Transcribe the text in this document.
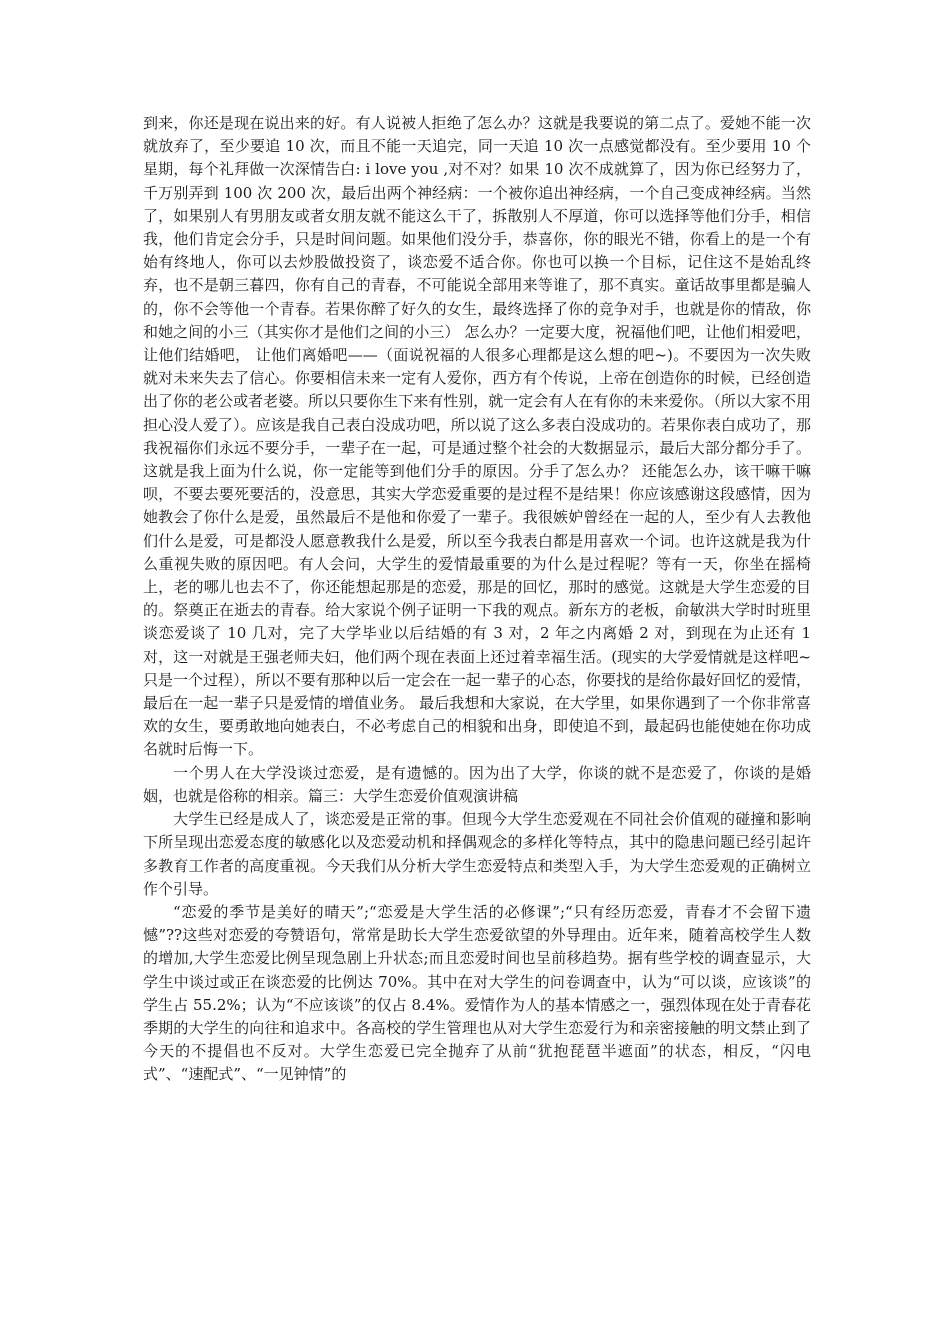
到来，你还是现在说出来的好。有人说被人拒绝了怎么办？这就是我要说的第二点了。爱她不能一次就放弃了，至少要追 10 次，而且不能一天追完，同一天追 10 次一点感觉都没有。至少要用 10 个星期，每个礼拜做一次深情告白: i love you ,对不对？如果 10 次不成就算了，因为你已经努力了，千万别弄到 100 次 200 次，最后出两个神经病：一个被你追出神经病，一个自己变成神经病。当然了，如果别人有男朋友或者女朋友就不能这么干了，拆散别人不厚道，你可以选择等他们分手，相信我，他们肯定会分手，只是时间问题。如果他们没分手，恭喜你，你的眼光不错，你看上的是一个有始有终地人，你可以去炒股做投资了，谈恋爱不适合你。你也可以换一个目标，记住这不是始乱终弃，也不是朝三暮四，你有自己的青春，不可能说全部用来等谁了，那不真实。童话故事里都是骗人的，你不会等他一个青春。若果你醉了好久的女生，最终选择了你的竞争对手，也就是你的情敌，你和她之间的小三（其实你才是他们之间的小三） 怎么办？一定要大度，祝福他们吧，让他们相爱吧，让他们结婚吧， 让他们离婚吧——（面说祝福的人很多心理都是这么想的吧~)。不要因为一次失败就对未来失去了信心。你要相信未来一定有人爱你，西方有个传说，上帝在创造你的时候，已经创造出了你的老公或者老婆。所以只要你生下来有性别，就一定会有人在有你的未来爱你。（所以大家不用担心没人爱了）。应该是我自己表白没成功吧，所以说了这么多表白没成功的。若果你表白成功了，那我祝福你们永远不要分手，一辈子在一起，可是通过整个社会的大数据显示，最后大部分都分手了。这就是我上面为什么说，你一定能等到他们分手的原因。分手了怎么办？ 还能怎么办，该干嘛干嘛呗，不要去要死要活的，没意思，其实大学恋爱重要的是过程不是结果！你应该感谢这段感情，因为她教会了你什么是爱，虽然最后不是他和你爱了一辈子。我很嫉妒曾经在一起的人，至少有人去教他们什么是爱，可是都没人愿意教我什么是爱，所以至今我表白都是用喜欢一个词。也许这就是我为什么重视失败的原因吧。有人会问，大学生的爱情最重要的为什么是过程呢？等有一天，你坐在摇椅上，老的哪儿也去不了，你还能想起那是的恋爱，那是的回忆，那时的感觉。这就是大学生恋爱的目的。祭奠正在逝去的青春。给大家说个例子证明一下我的观点。新东方的老板，俞敏洪大学时时班里谈恋爱谈了 10 几对，完了大学毕业以后结婚的有 3 对，2 年之内离婚 2 对，到现在为止还有 1 对，这一对就是王强老师夫妇，他们两个现在表面上还过着幸福生活。(现实的大学爱情就是这样吧~只是一个过程），所以不要有那种以后一定会在一起一辈子的心态，你要找的是给你最好回忆的爱情，最后在一起一辈子只是爱情的增值业务。 最后我想和大家说，在大学里，如果你遇到了一个你非常喜欢的女生，要勇敢地向她表白，不必考虑自己的相貌和出身，即使追不到，最起码也能使她在你功成名就时后悔一下。

一个男人在大学没谈过恋爱，是有遗憾的。因为出了大学，你谈的就不是恋爱了，你谈的是婚姻，也就是俗称的相亲。篇三：大学生恋爱价值观演讲稿

大学生已经是成人了，谈恋爱是正常的事。但现今大学生恋爱观在不同社会价值观的碰撞和影响下所呈现出恋爱态度的敏感化以及恋爱动机和择偶观念的多样化等特点，其中的隐患问题已经引起许多教育工作者的高度重视。今天我们从分析大学生恋爱特点和类型入手，为大学生恋爱观的正确树立作个引导。

“恋爱的季节是美好的晴天”;“恋爱是大学生活的必修课”;“只有经历恋爱，青春才不会留下遗憾”??这些对恋爱的夸赞语句，常常是助长大学生恋爱欲望的外导理由。近年来，随着高校学生人数的增加,大学生恋爱比例呈现急剧上升状态;而且恋爱时间也呈前移趋势。据有些学校的调查显示，大学生中谈过或正在谈恋爱的比例达 70%。其中在对大学生的问卷调查中，认为“可以谈，应该谈”的学生占 55.2%；认为“不应该谈”的仅占 8.4%。爱情作为人的基本情感之一，强烈体现在处于青春花季期的大学生的向往和追求中。各高校的学生管理也从对大学生恋爱行为和亲密接触的明文禁止到了今天的不提倡也不反对。大学生恋爱已完全抛弃了从前“犹抱琵琶半遮面”的状态，相反，“闪电式”、“速配式”、“一见钟情”的
